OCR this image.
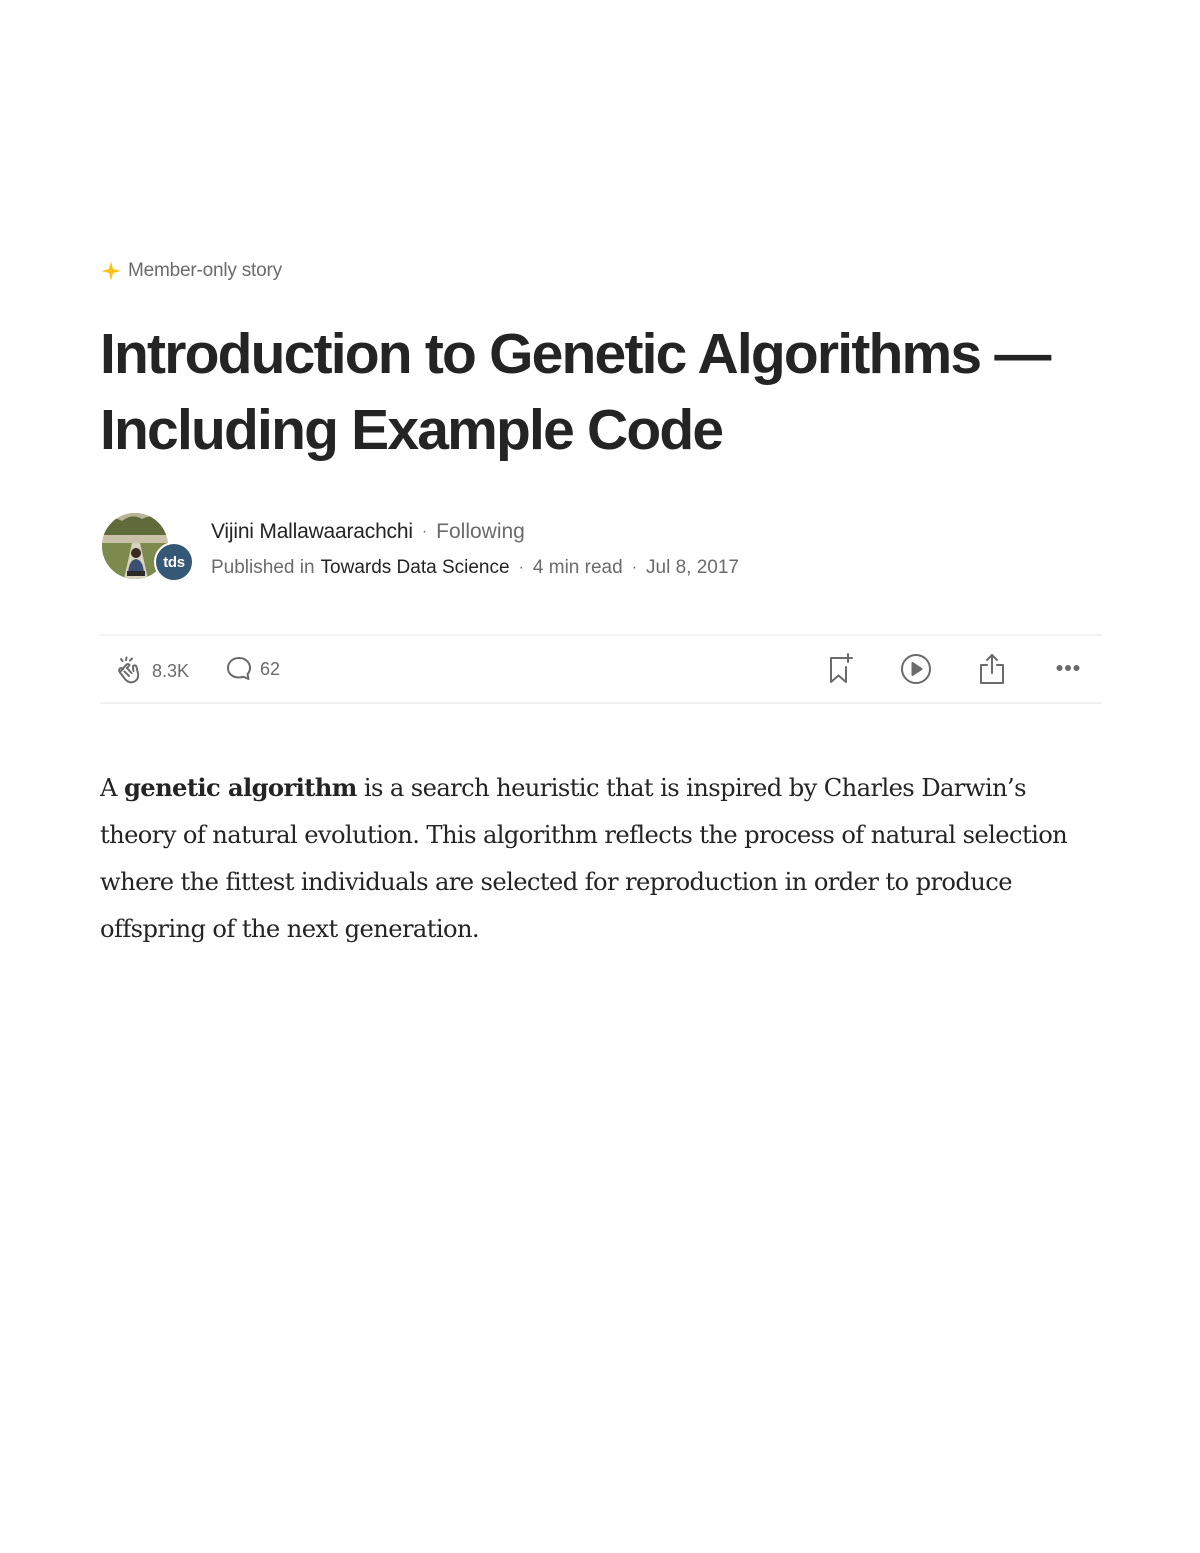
Member-only story
Introduction to Genetic Algorithms — Including Example Code
tds
Vijini Mallawaarachchi · Following
Published in Towards Data Science · 4 min read · Jul 8, 2017
8.3K	62

A genetic algorithm is a search heuristic that is inspired by Charles Darwin’s theory of natural evolution. This algorithm reflects the process of natural selection where the fittest individuals are selected for reproduction in order to produce offspring of the next generation.
